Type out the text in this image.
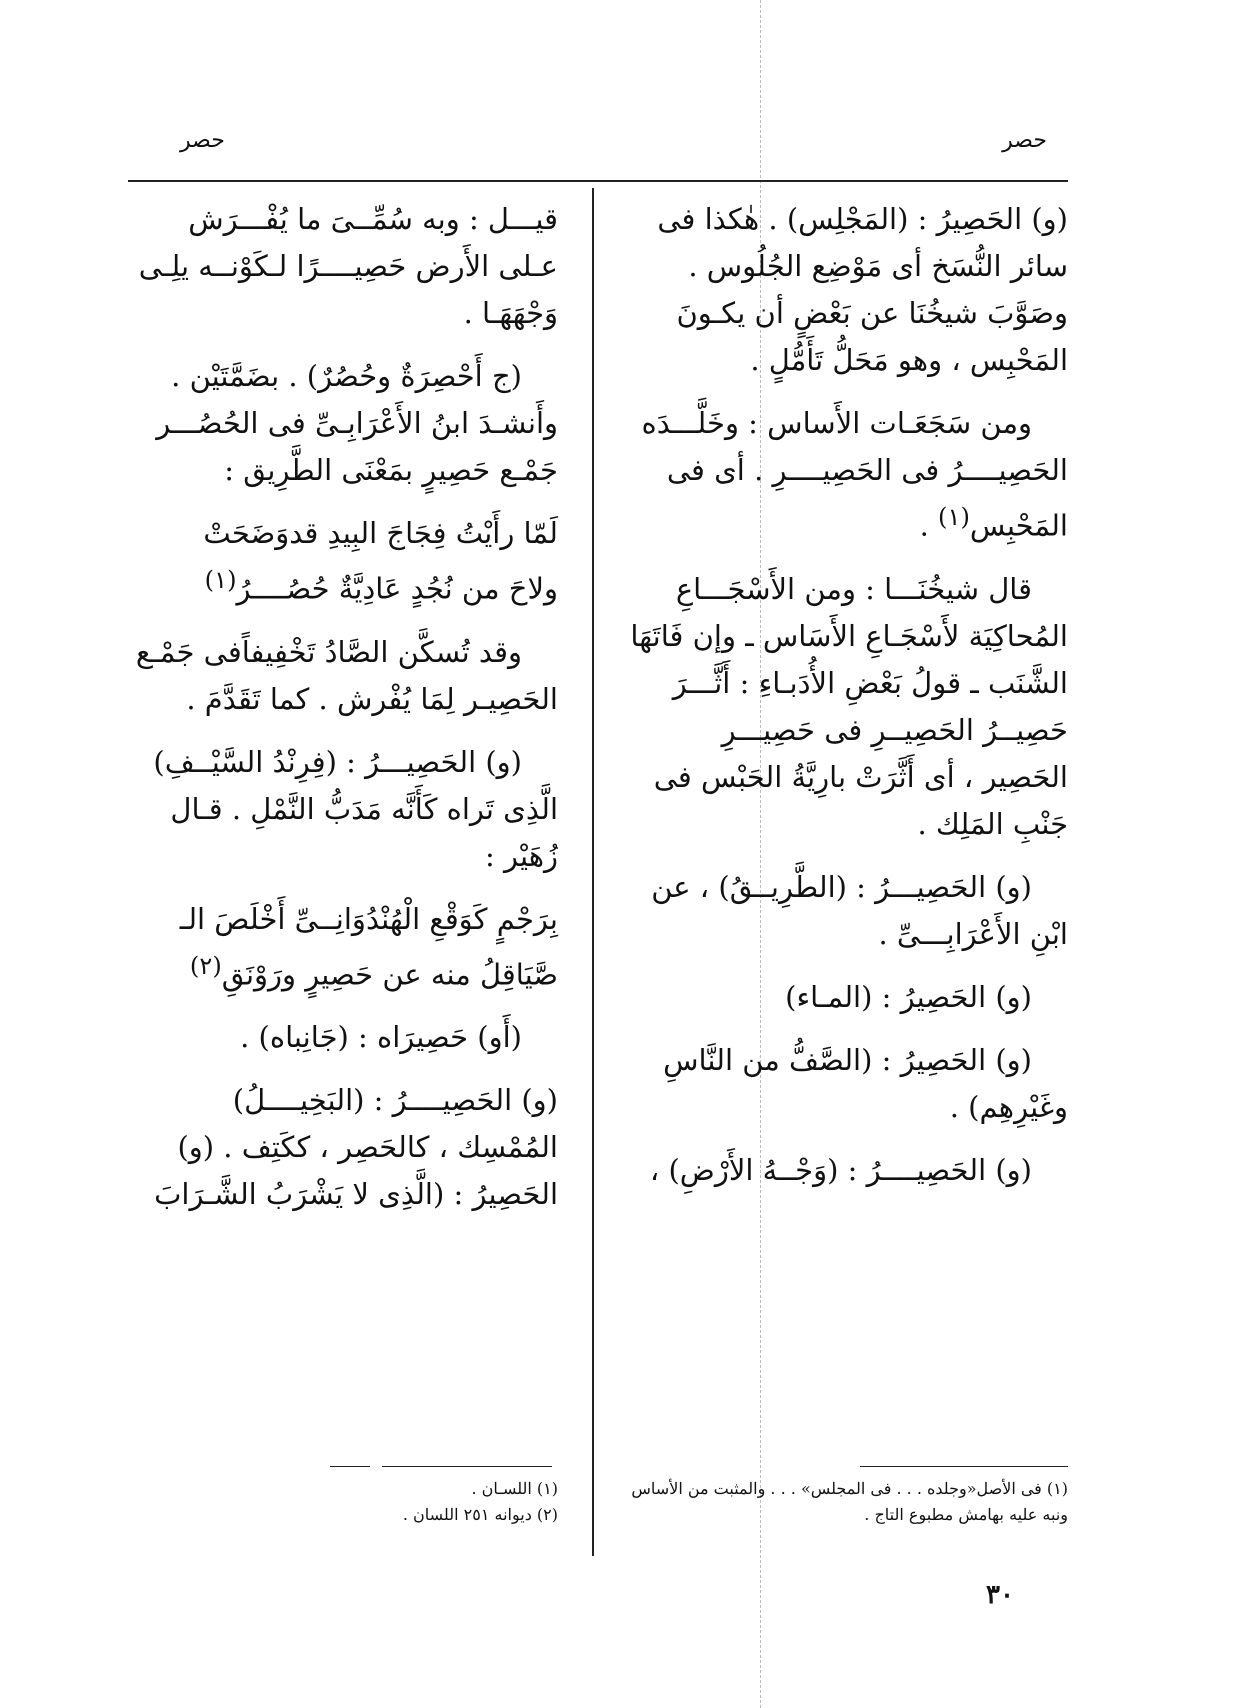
حصر
حصر

(و) الحَصِيرُ : (المَجْلِس) . هٰكذا فى سائر النُّسَخ أى مَوْضِع الجُلُوس . وصَوَّبَ شيخُنَا عن بَعْضٍ أن يكـونَ المَحْبِس ، وهو مَحَلُّ تَأَمُّلٍ .

ومن سَجَعَـات الأَساس : وخَلَّـــدَه الحَصِيــــرُ فى الحَصِيــــرِ . أى فى المَحْبِس$^{(١)}$ .

قال شيخُنَـــا : ومن الأَسْجَـــاعِ المُحاكِيَة لأَسْجَـاعِ الأَسَاس ـ وإن فَاتَهَا الشَّنَب ـ قولُ بَعْضِ الأُدَبـاءِ : أَثَّـــرَ حَصِيــرُ الحَصِيــرِ فى حَصِيـــرِ الحَصِير ، أى أَثَّرَتْ بارِيَّةُ الحَبْس فى جَنْبِ المَلِك .

(و) الحَصِيـــرُ : (الطَّرِيــقُ) ، عن ابْنِ الأَعْرَابِـــىِّ .

(و) الحَصِيرُ : (المـاء)

(و) الحَصِيرُ : (الصَّفُّ من النَّاسِ وغَيْرِهِم) .

(و) الحَصِيــــرُ : (وَجْــهُ الأَرْضِ) ،

قيـــل : وبه سُمِّــىَ ما يُفْـــرَش عـلى الأَرض حَصِيــــرًا لـكَوْنــه يلِـى وَجْهَهَـا .

(ج أَحْصِرَةٌ وحُصُرٌ) . بضَمَّتَيْن . وأَنشـدَ ابنُ الأَعْرَابِـىِّ فى الحُصُـــر جَمْـع حَصِيرٍ بمَعْنَى الطَّرِيق :

لَمّا رأَيْتُ فِجَاجَ البِيدِ قدوَضَحَتْ
ولاحَ من نُجُدٍ عَادِيَّةٌ حُصُــــرُ$^{(١)}$

وقد تُسكَّن الصَّادُ تَخْفِيفاًفى جَمْـع الحَصِيـر لِمَا يُفْرش . كما تَقَدَّمَ .

(و) الحَصِيـــرُ : (فِرِنْدُ السَّيْــفِ) الَّذِى تَراه كَأَنَّه مَدَبُّ النَّمْلِ . قـال زُهَيْر :

بِرَجْمٍ كَوَقْعِ الْهُنْدُوَانِــىِّ أَخْلَصَ الـ
صَّيَاقِلُ منه عن حَصِيرٍ ورَوْنَقِ$^{(٢)}$

(أَو) حَصِيرَاه : (جَانِباه) .

(و) الحَصِيــــرُ : (البَخِيــــلُ) المُمْسِك ، كالحَصِر ، ككَتِف . (و) الحَصِيرُ : (الَّذِى لا يَشْرَبُ الشَّـرَابَ

(١) فى الأصل«وجلده . . . فى المجلس» . . . والمثبت من الأساس ونبه عليه بهامش مطبوع التاج .
(١) اللسـان .
(٢) ديوانه ٢٥١ اللسان .
٣٠
